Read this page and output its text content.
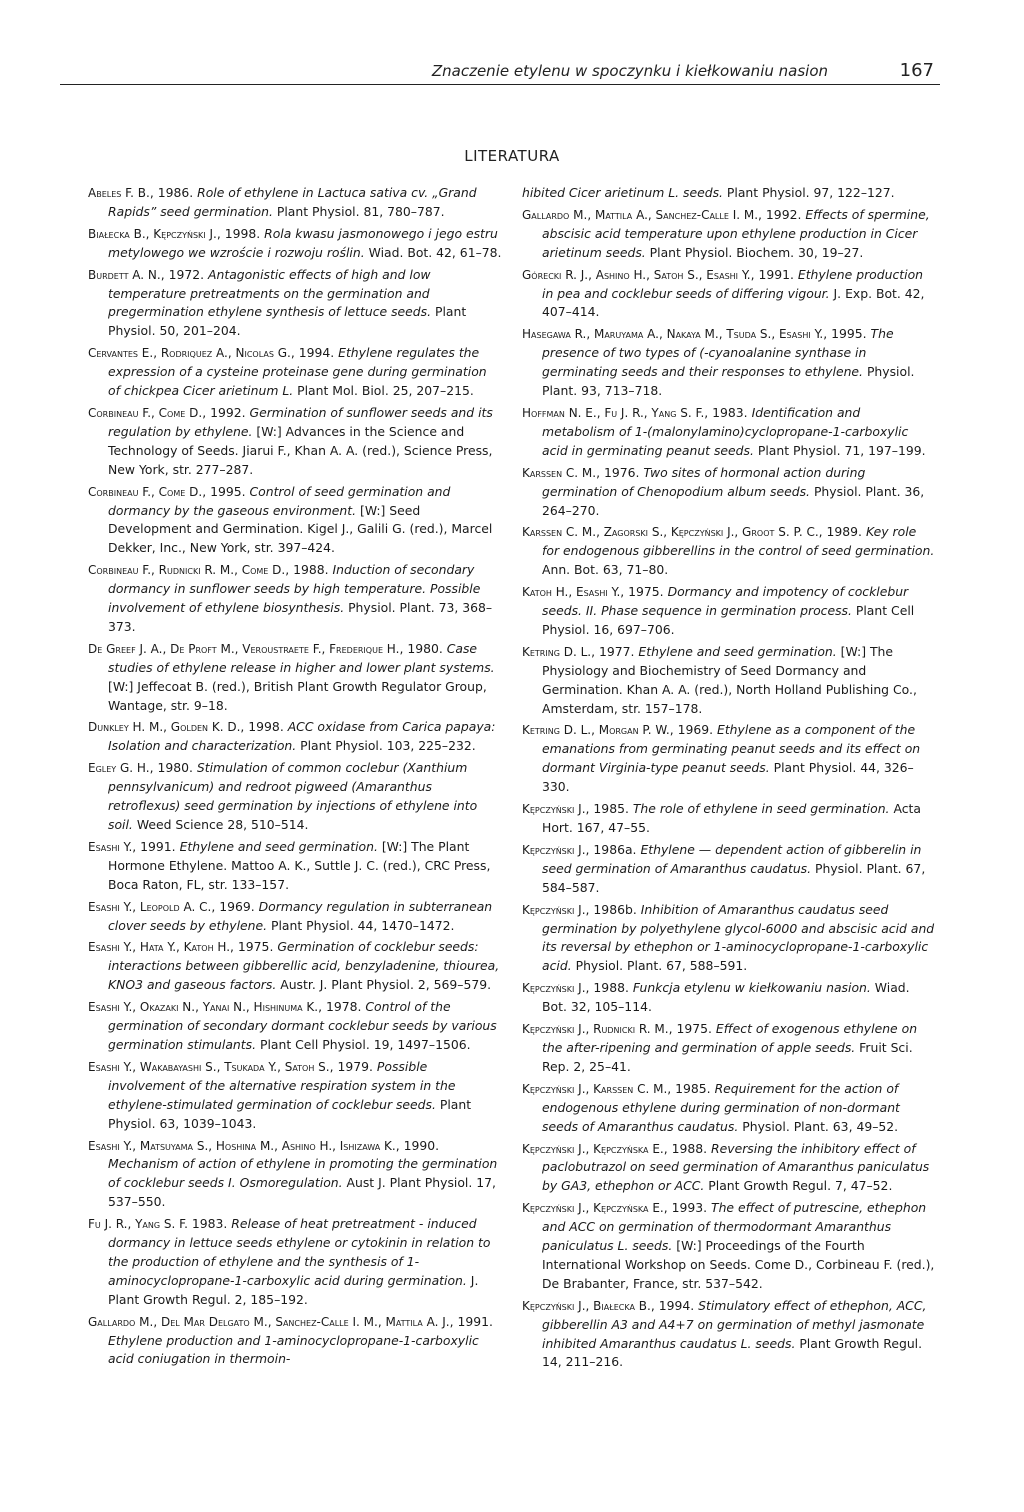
Znaczenie etylenu w spoczynku i kiełkowaniu nasion	167
LITERATURA

Abeles F. B., 1986. Role of ethylene in Lactuca sativa cv. „Grand Rapids” seed germination. Plant Physiol. 81, 780–787.

Białecka B., Kępczyński J., 1998. Rola kwasu jasmonowego i jego estru metylowego we wzroście i rozwoju roślin. Wiad. Bot. 42, 61–78.

Burdett A. N., 1972. Antagonistic effects of high and low temperature pretreatments on the germination and pregermination ethylene synthesis of lettuce seeds. Plant Physiol. 50, 201–204.

Cervantes E., Rodriquez A., Nicolas G., 1994. Ethylene regulates the expression of a cysteine proteinase gene during germination of chickpea Cicer arietinum L. Plant Mol. Biol. 25, 207–215.

Corbineau F., Come D., 1992. Germination of sunflower seeds and its regulation by ethylene. [W:] Advances in the Science and Technology of Seeds. Jiarui F., Khan A. A. (red.), Science Press, New York, str. 277–287.

Corbineau F., Come D., 1995. Control of seed germination and dormancy by the gaseous environment. [W:] Seed Development and Germination. Kigel J., Galili G. (red.), Marcel Dekker, Inc., New York, str. 397–424.

Corbineau F., Rudnicki R. M., Come D., 1988. Induction of secondary dormancy in sunflower seeds by high temperature. Possible involvement of ethylene biosynthesis. Physiol. Plant. 73, 368–373.

De Greef J. A., De Proft M., Veroustraete F., Frederique H., 1980. Case studies of ethylene release in higher and lower plant systems. [W:] Jeffecoat B. (red.), British Plant Growth Regulator Group, Wantage, str. 9–18.

Dunkley H. M., Golden K. D., 1998. ACC oxidase from Carica papaya: Isolation and characterization. Plant Physiol. 103, 225–232.

Egley G. H., 1980. Stimulation of common coclebur (Xanthium pennsylvanicum) and redroot pigweed (Amaranthus retroflexus) seed germination by injections of ethylene into soil. Weed Science 28, 510–514.

Esashi Y., 1991. Ethylene and seed germination. [W:] The Plant Hormone Ethylene. Mattoo A. K., Suttle J. C. (red.), CRC Press, Boca Raton, FL, str. 133–157.

Esashi Y., Leopold A. C., 1969. Dormancy regulation in subterranean clover seeds by ethylene. Plant Physiol. 44, 1470–1472.

Esashi Y., Hata Y., Katoh H., 1975. Germination of cocklebur seeds: interactions between gibberellic acid, benzyladenine, thiourea, KNO3 and gaseous factors. Austr. J. Plant Physiol. 2, 569–579.

Esashi Y., Okazaki N., Yanai N., Hishinuma K., 1978. Control of the germination of secondary dormant cocklebur seeds by various germination stimulants. Plant Cell Physiol. 19, 1497–1506.

Esashi Y., Wakabayashi S., Tsukada Y., Satoh S., 1979. Possible involvement of the alternative respiration system in the ethylene-stimulated germination of cocklebur seeds. Plant Physiol. 63, 1039–1043.

Esashi Y., Matsuyama S., Hoshina M., Ashino H., Ishizawa K., 1990. Mechanism of action of ethylene in promoting the germination of cocklebur seeds I. Osmoregulation. Aust J. Plant Physiol. 17, 537–550.

Fu J. R., Yang S. F. 1983. Release of heat pretreatment - induced dormancy in lettuce seeds ethylene or cytokinin in relation to the production of ethylene and the synthesis of 1-aminocyclopropane-1-carboxylic acid during germination. J. Plant Growth Regul. 2, 185–192.

Gallardo M., Del Mar Delgato M., Sanchez-Calle I. M., Mattila A. J., 1991. Ethylene production and 1-aminocyclopropane-1-carboxylic acid coniugation in thermoin-

hibited Cicer arietinum L. seeds. Plant Physiol. 97, 122–127.

Gallardo M., Mattila A., Sanchez-Calle I. M., 1992. Effects of spermine, abscisic acid temperature upon ethylene production in Cicer arietinum seeds. Plant Physiol. Biochem. 30, 19–27.

Górecki R. J., Ashino H., Satoh S., Esashi Y., 1991. Ethylene production in pea and cocklebur seeds of differing vigour. J. Exp. Bot. 42, 407–414.

Hasegawa R., Maruyama A., Nakaya M., Tsuda S., Esashi Y., 1995. The presence of two types of (-cyanoalanine synthase in germinating seeds and their responses to ethylene. Physiol. Plant. 93, 713–718.

Hoffman N. E., Fu J. R., Yang S. F., 1983. Identification and metabolism of 1-(malonylamino)cyclopropane-1-carboxylic acid in germinating peanut seeds. Plant Physiol. 71, 197–199.

Karssen C. M., 1976. Two sites of hormonal action during germination of Chenopodium album seeds. Physiol. Plant. 36, 264–270.

Karssen C. M., Zagorski S., Kępczyński J., Groot S. P. C., 1989. Key role for endogenous gibberellins in the control of seed germination. Ann. Bot. 63, 71–80.

Katoh H., Esashi Y., 1975. Dormancy and impotency of cocklebur seeds. II. Phase sequence in germination process. Plant Cell Physiol. 16, 697–706.

Ketring D. L., 1977. Ethylene and seed germination. [W:] The Physiology and Biochemistry of Seed Dormancy and Germination. Khan A. A. (red.), North Holland Publishing Co., Amsterdam, str. 157–178.

Ketring D. L., Morgan P. W., 1969. Ethylene as a component of the emanations from germinating peanut seeds and its effect on dormant Virginia-type peanut seeds. Plant Physiol. 44, 326–330.

Kępczyński J., 1985. The role of ethylene in seed germination. Acta Hort. 167, 47–55.

Kępczyński J., 1986a. Ethylene — dependent action of gibberelin in seed germination of Amaranthus caudatus. Physiol. Plant. 67, 584–587.

Kępczyński J., 1986b. Inhibition of Amaranthus caudatus seed germination by polyethylene glycol-6000 and abscisic acid and its reversal by ethephon or 1-aminocyclopropane-1-carboxylic acid. Physiol. Plant. 67, 588–591.

Kępczyński J., 1988. Funkcja etylenu w kiełkowaniu nasion. Wiad. Bot. 32, 105–114.

Kępczyński J., Rudnicki R. M., 1975. Effect of exogenous ethylene on the after-ripening and germination of apple seeds. Fruit Sci. Rep. 2, 25–41.

Kępczyński J., Karssen C. M., 1985. Requirement for the action of endogenous ethylene during germination of non-dormant seeds of Amaranthus caudatus. Physiol. Plant. 63, 49–52.

Kępczyński J., Kępczyńska E., 1988. Reversing the inhibitory effect of paclobutrazol on seed germination of Amaranthus paniculatus by GA3, ethephon or ACC. Plant Growth Regul. 7, 47–52.

Kępczyński J., Kępczyńska E., 1993. The effect of putrescine, ethephon and ACC on germination of thermodormant Amaranthus paniculatus L. seeds. [W:] Proceedings of the Fourth International Workshop on Seeds. Come D., Corbineau F. (red.), De Brabanter, France, str. 537–542.

Kępczyński J., Białecka B., 1994. Stimulatory effect of ethephon, ACC, gibberellin A3 and A4+7 on germination of methyl jasmonate inhibited Amaranthus caudatus L. seeds. Plant Growth Regul. 14, 211–216.
